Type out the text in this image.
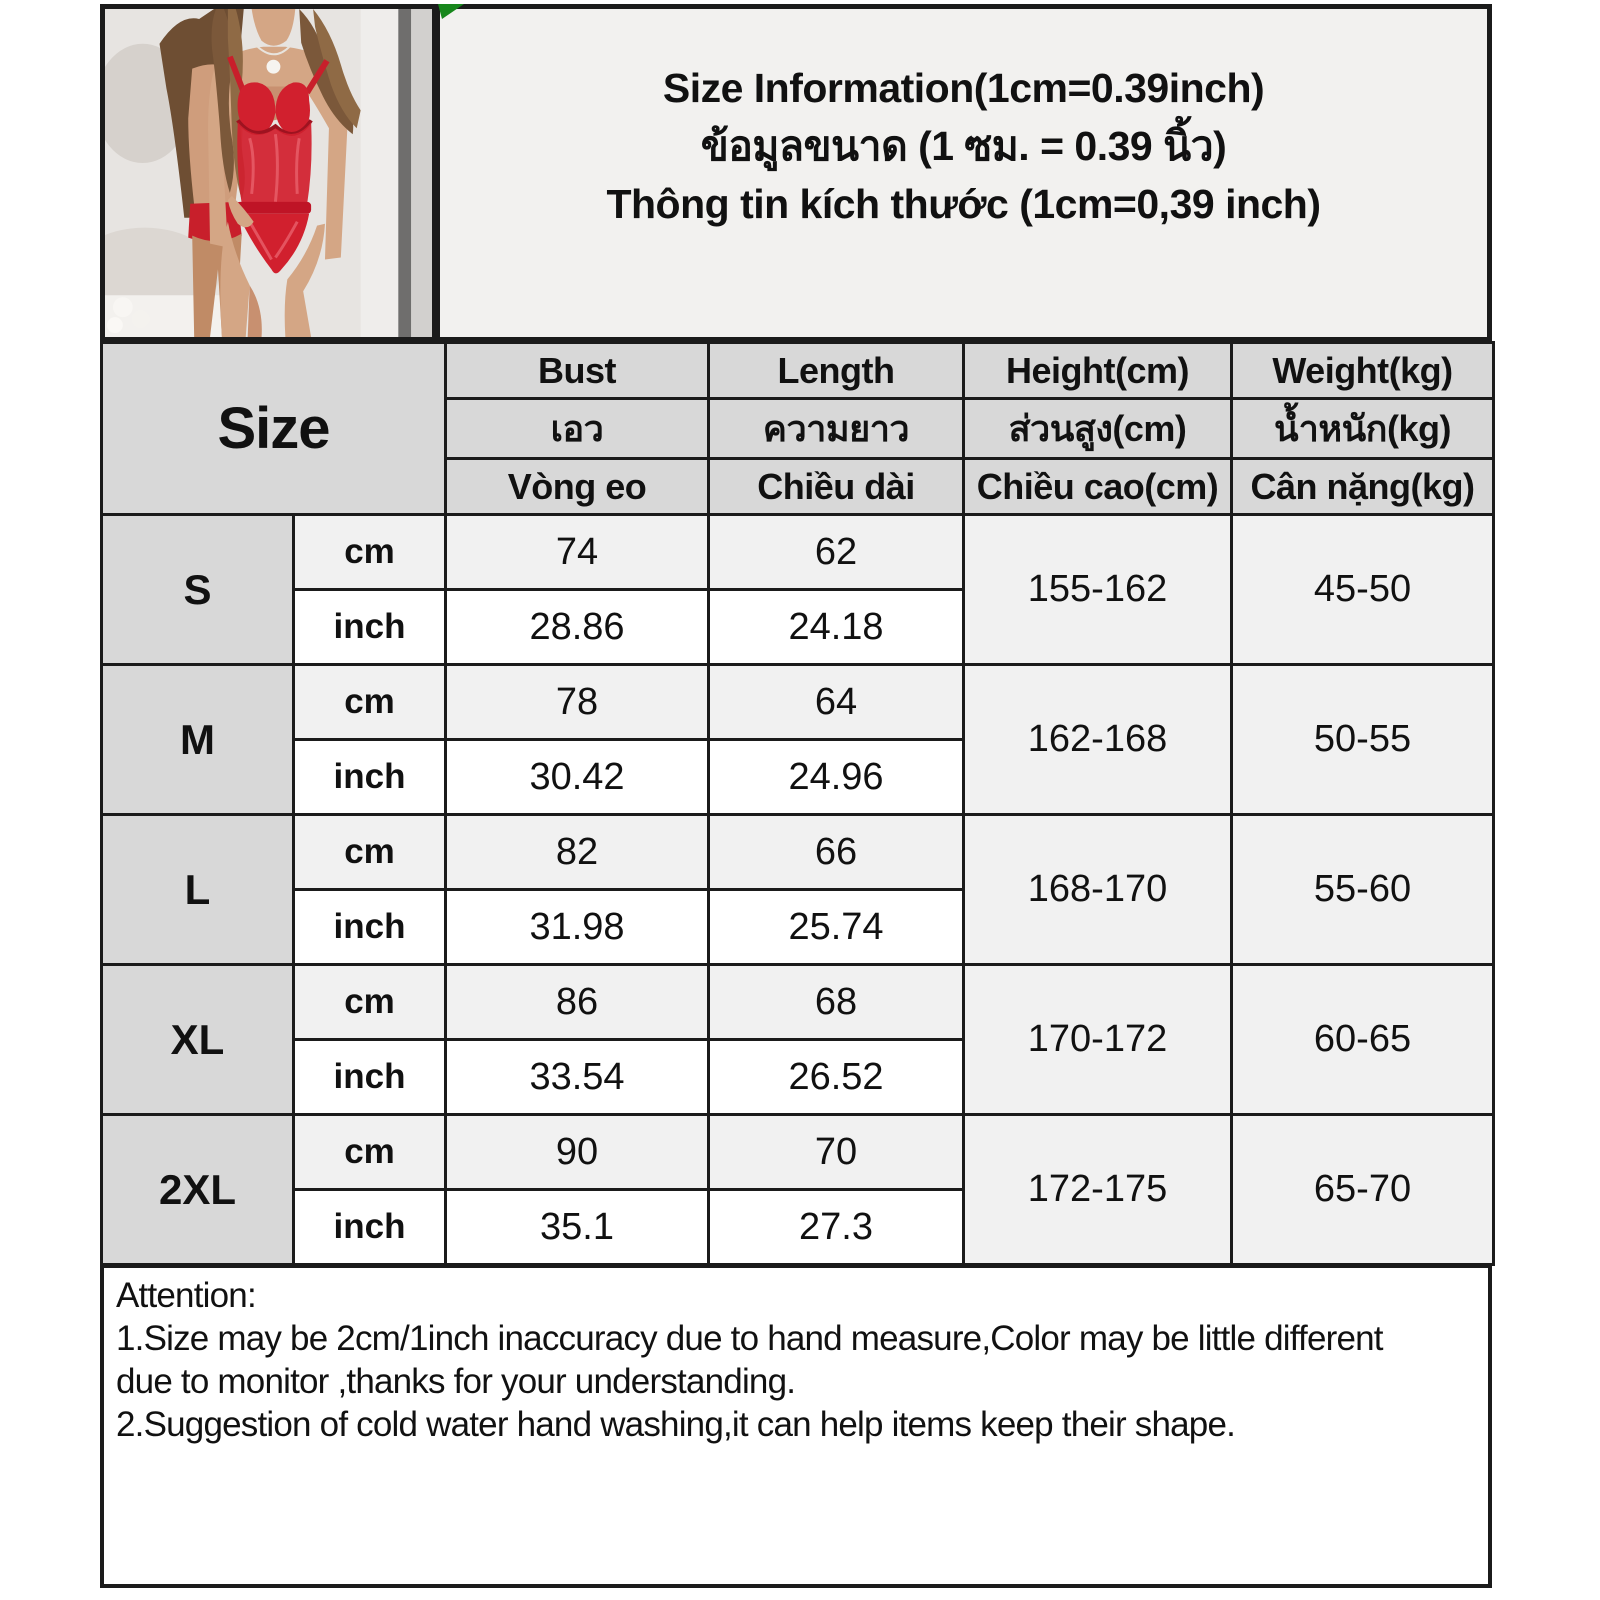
Size Information(1cm=0.39inch)
ข้อมูลขนาด (1 ซม. = 0.39 นิ้ว)
Thông tin kích thước (1cm=0,39 inch)
Size		Bust	Length	Height(cm)	Weight(kg)
		เอว	ความยาว	ส่วนสูง(cm)	น้ำหนัก(kg)
		Vòng eo	Chiều dài	Chiều cao(cm)	Cân nặng(kg)
S	cm	74	62	155-162	45-50
	inch	28.86	24.18		
M	cm	78	64	162-168	50-55
	inch	30.42	24.96		
L	cm	82	66	168-170	55-60
	inch	31.98	25.74		
XL	cm	86	68	170-172	60-65
	inch	33.54	26.52		
2XL	cm	90	70	172-175	65-70
	inch	35.1	27.3		
Attention:
1.Size may be 2cm/1inch inaccuracy due to hand measure,Color may be little different
due to monitor ,thanks for your understanding.
2.Suggestion of cold water hand washing,it can help items keep their shape.
